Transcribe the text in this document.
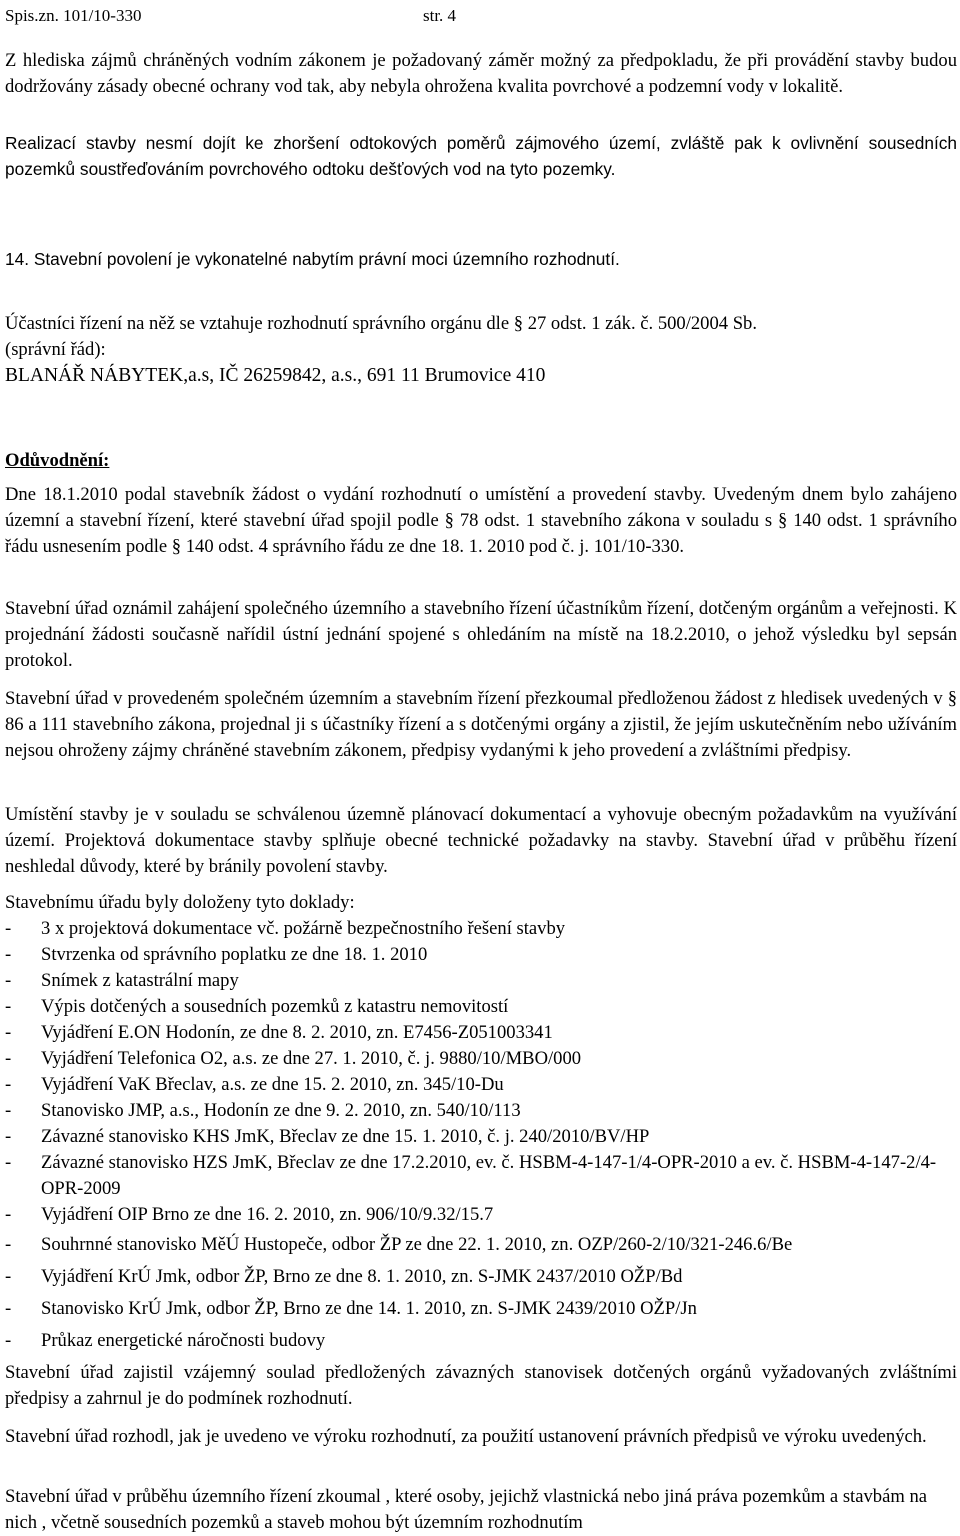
Spis.zn. 101/10-330	str. 4

Z hlediska zájmů chráněných vodním zákonem je požadovaný záměr možný za předpokladu, že při provádění stavby budou dodržovány zásady obecné ochrany vod tak, aby nebyla ohrožena kvalita povrchové a podzemní vody v lokalitě.

Realizací stavby nesmí dojít ke zhoršení odtokových poměrů zájmového území, zvláště pak k ovlivnění sousedních pozemků soustřeďováním povrchového odtoku dešťových vod na tyto pozemky.

14. Stavební povolení je vykonatelné nabytím právní moci územního rozhodnutí.

Účastníci řízení na něž se vztahuje rozhodnutí správního orgánu dle § 27 odst. 1 zák. č. 500/2004 Sb.

(správní řád):

BLANÁŘ NÁBYTEK,a.s, IČ 26259842, a.s., 691 11 Brumovice 410

Odůvodnění:

Dne 18.1.2010 podal stavebník žádost o vydání rozhodnutí o umístění a provedení stavby. Uvedeným dnem bylo zahájeno územní a stavební řízení, které stavební úřad spojil podle § 78 odst. 1 stavebního zákona v souladu s § 140 odst. 1 správního řádu usnesením podle § 140 odst. 4 správního řádu ze dne 18. 1. 2010 pod č. j. 101/10-330.

Stavební úřad oznámil zahájení společného územního a stavebního řízení účastníkům řízení, dotčeným orgánům a veřejnosti. K projednání žádosti současně nařídil ústní jednání spojené s ohledáním na místě na 18.2.2010, o jehož výsledku byl sepsán protokol.

Stavební úřad v provedeném společném územním a stavebním řízení přezkoumal předloženou žádost z hledisek uvedených v § 86 a 111 stavebního zákona, projednal ji s účastníky řízení a s dotčenými orgány a zjistil, že jejím uskutečněním nebo užíváním nejsou ohroženy zájmy chráněné stavebním zákonem, předpisy vydanými k jeho provedení a zvláštními předpisy.

Umístění stavby je v souladu se schválenou územně plánovací dokumentací a vyhovuje obecným požadavkům na využívání území. Projektová dokumentace stavby splňuje obecné technické požadavky na stavby. Stavební úřad v průběhu řízení neshledal důvody, které by bránily povolení stavby.

Stavebnímu úřadu byly doloženy tyto doklady:

- 3 x projektová dokumentace vč. požárně bezpečnostního řešení stavby
- Stvrzenka od správního poplatku ze dne 18. 1. 2010
- Snímek z katastrální mapy
- Výpis dotčených a sousedních pozemků z katastru nemovitostí
- Vyjádření E.ON Hodonín, ze dne 8. 2. 2010, zn. E7456-Z051003341
- Vyjádření Telefonica O2, a.s. ze dne 27. 1. 2010, č. j. 9880/10/MBO/000
- Vyjádření VaK Břeclav, a.s. ze dne 15. 2. 2010, zn. 345/10-Du
- Stanovisko JMP, a.s., Hodonín ze dne 9. 2. 2010, zn. 540/10/113
- Závazné stanovisko KHS JmK, Břeclav ze dne 15. 1. 2010, č. j. 240/2010/BV/HP
- Závazné stanovisko HZS JmK, Břeclav ze dne 17.2.2010, ev. č. HSBM-4-147-1/4-OPR-2010 a ev. č. HSBM-4-147-2/4-OPR-2009
- Vyjádření OIP Brno ze dne 16. 2. 2010, zn. 906/10/9.32/15.7
- Souhrnné stanovisko MěÚ Hustopeče, odbor ŽP ze dne 22. 1. 2010, zn. OZP/260-2/10/321-246.6/Be
- Vyjádření KrÚ Jmk, odbor ŽP, Brno ze dne 8. 1. 2010, zn. S-JMK 2437/2010 OŽP/Bd
- Stanovisko KrÚ Jmk, odbor ŽP, Brno ze dne 14. 1. 2010, zn. S-JMK 2439/2010 OŽP/Jn
- Průkaz energetické náročnosti budovy

Stavební úřad zajistil vzájemný soulad předložených závazných stanovisek dotčených orgánů vyžadovaných zvláštními předpisy a zahrnul je do podmínek rozhodnutí.

Stavební úřad rozhodl, jak je uvedeno ve výroku rozhodnutí, za použití ustanovení právních předpisů ve výroku uvedených.

Stavební úřad v průběhu územního řízení zkoumal , které osoby, jejichž vlastnická nebo jiná práva pozemkům a stavbám na nich , včetně sousedních pozemků a staveb mohou být územním rozhodnutím
